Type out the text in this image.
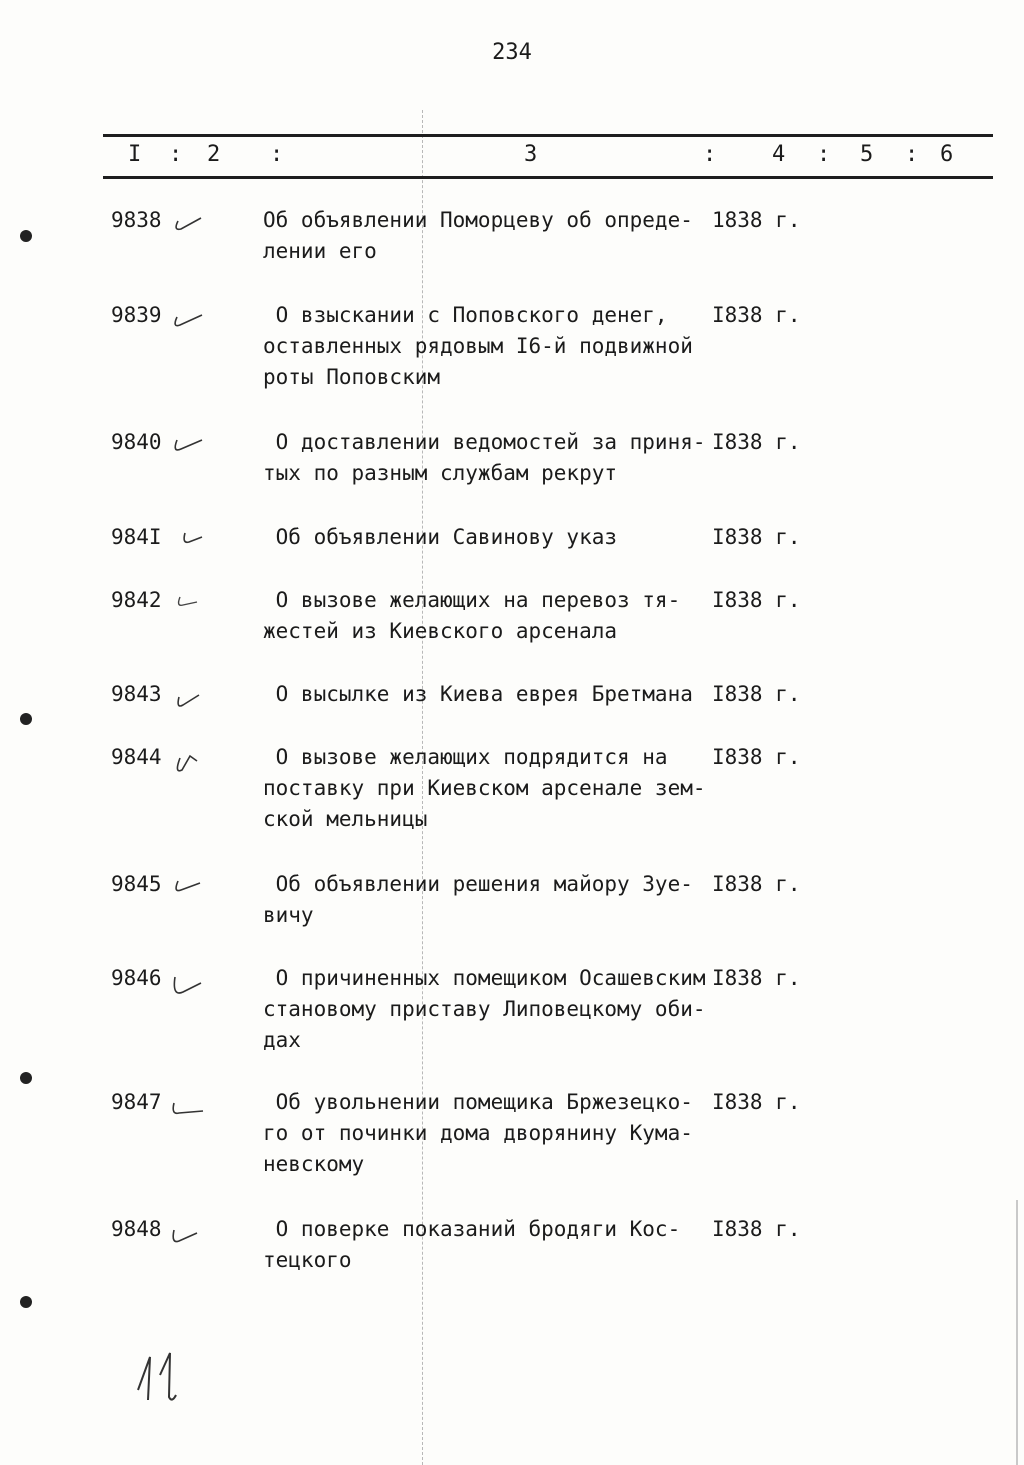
234
I : 2 :	3	:	4 : 5 : 6
9838	Об объявлении Поморцеву об опреде-
лении его
1838 г.
9839	О взыскании с Поповского денег,
оставленных рядовым I6-й подвижной
роты Поповским
I838 г.
9840	О доставлении ведомостей за приня-
тых по разным службам рекрут
I838 г.
984I	Об объявлении Савинову указ	I838 г.
9842	О вызове желающих на перевоз тя-
жестей из Киевского арсенала
I838 г.
9843	О высылке из Киева еврея Бретмана I838 г.
9844	О вызове желающих подрядится на
поставку при Киевском арсенале зем-
ской мельницы
I838 г.
9845	Об объявлении решения майору Зуе-
вичу
I838 г.
9846	О причиненных помещиком Осашевским
становому приставу Липовецкому оби-
дах
I838 г.
9847	Об увольнении помещика Бржезецко-
го от починки дома дворянину Кума-
невскому
I838 г.
9848	О поверке показаний бродяги Кос-
тецкого
I838 г.
